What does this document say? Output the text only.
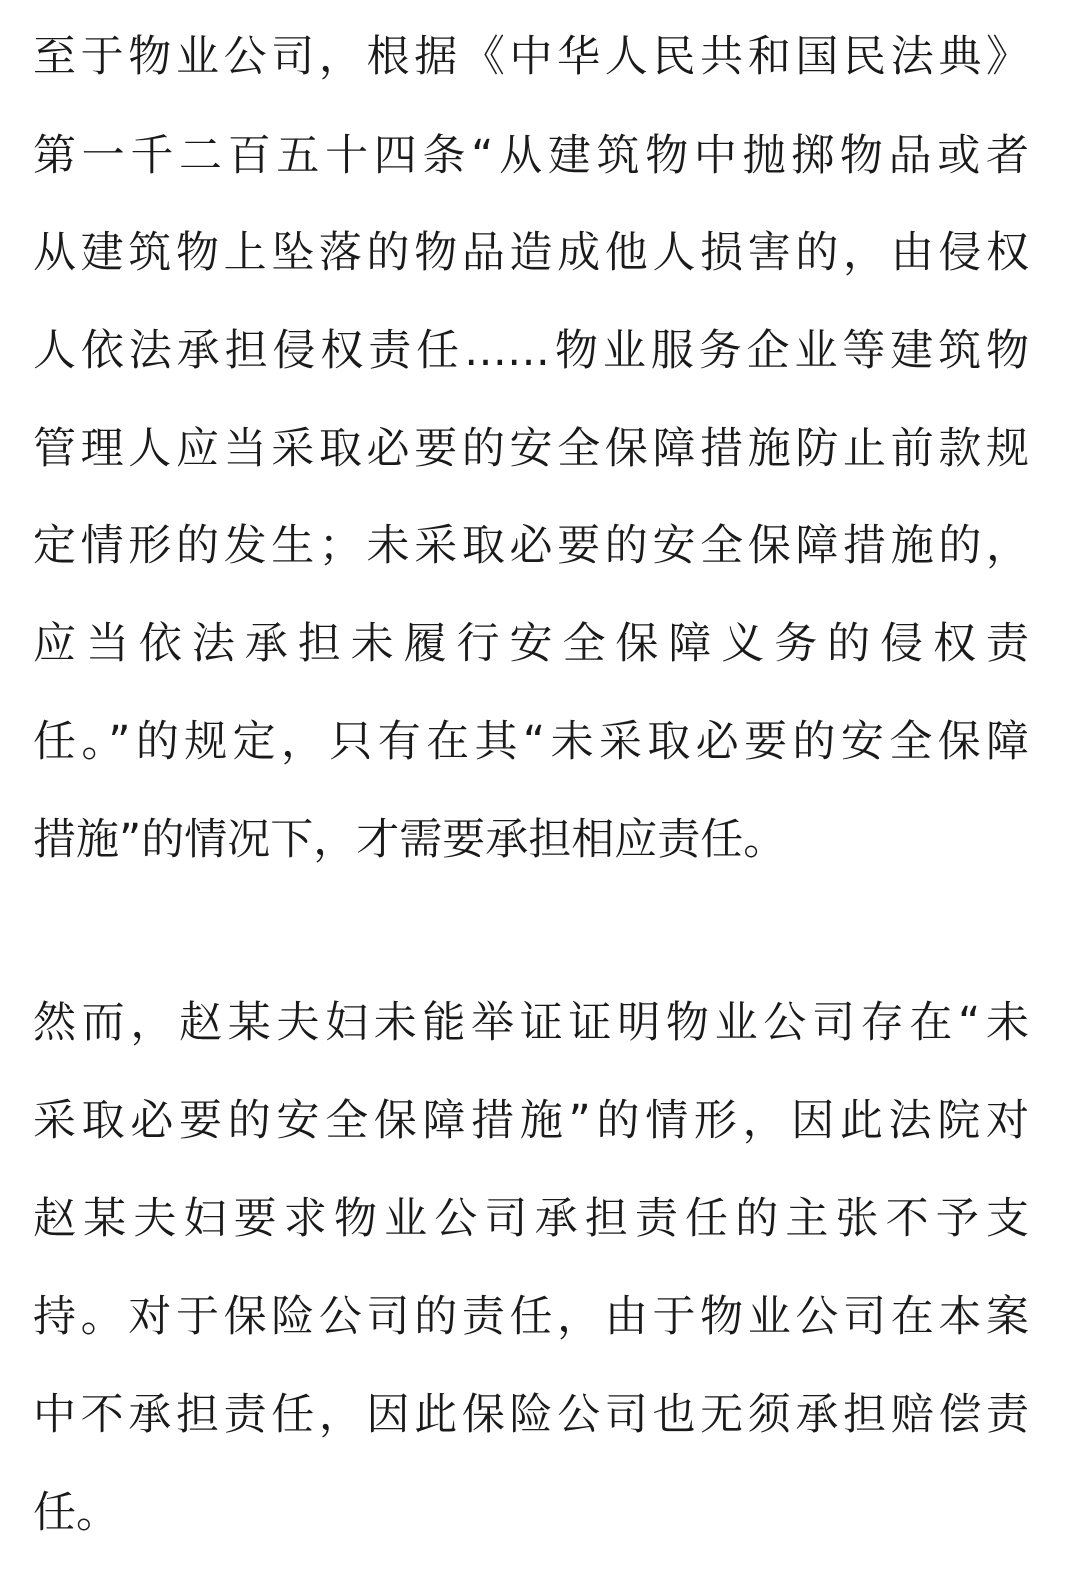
至于物业公司，根据《中华人民共和国民法典》
第一千二百五十四条“从建筑物中抛掷物品或者
从建筑物上坠落的物品造成他人损害的，由侵权
人依法承担侵权责任……物业服务企业等建筑物
管理人应当采取必要的安全保障措施防止前款规
定情形的发生；未采取必要的安全保障措施的，
应当依法承担未履行安全保障义务的侵权责
任。”的规定，只有在其“未采取必要的安全保障
措施”的情况下，才需要承担相应责任。
然而，赵某夫妇未能举证证明物业公司存在“未
采取必要的安全保障措施”的情形，因此法院对
赵某夫妇要求物业公司承担责任的主张不予支
持。对于保险公司的责任，由于物业公司在本案
中不承担责任，因此保险公司也无须承担赔偿责
任。
